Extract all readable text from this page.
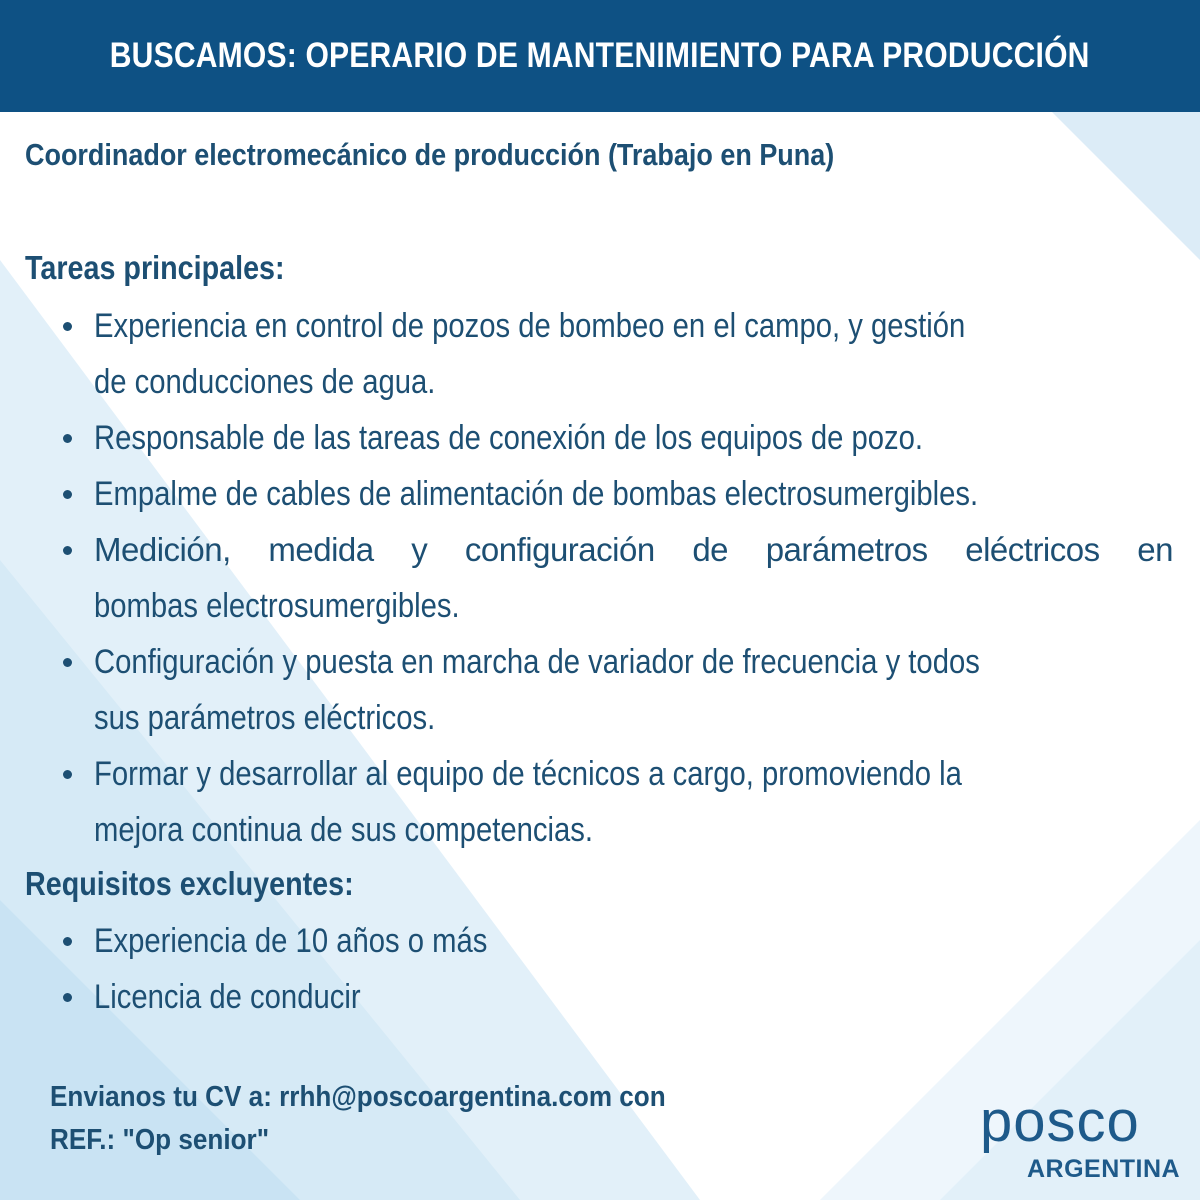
BUSCAMOS: OPERARIO DE MANTENIMIENTO PARA PRODUCCIÓN
Coordinador electromecánico de producción (Trabajo en Puna)
Tareas principales:
Experiencia en control de pozos de bombeo en el campo, y gestión
de conducciones de agua.
Responsable de las tareas de conexión de los equipos de pozo.
Empalme de cables de alimentación de bombas electrosumergibles.
Medición, medida y configuración de parámetros eléctricos en
bombas electrosumergibles.
Configuración y puesta en marcha de variador de frecuencia y todos
sus parámetros eléctricos.
Formar y desarrollar al equipo de técnicos a cargo, promoviendo la
mejora continua de sus competencias.
Requisitos excluyentes:
Experiencia de 10 años o más
Licencia de conducir
Envianos tu CV a: rrhh@poscoargentina.com con
REF.: "Op senior"	posco
ARGENTINA
